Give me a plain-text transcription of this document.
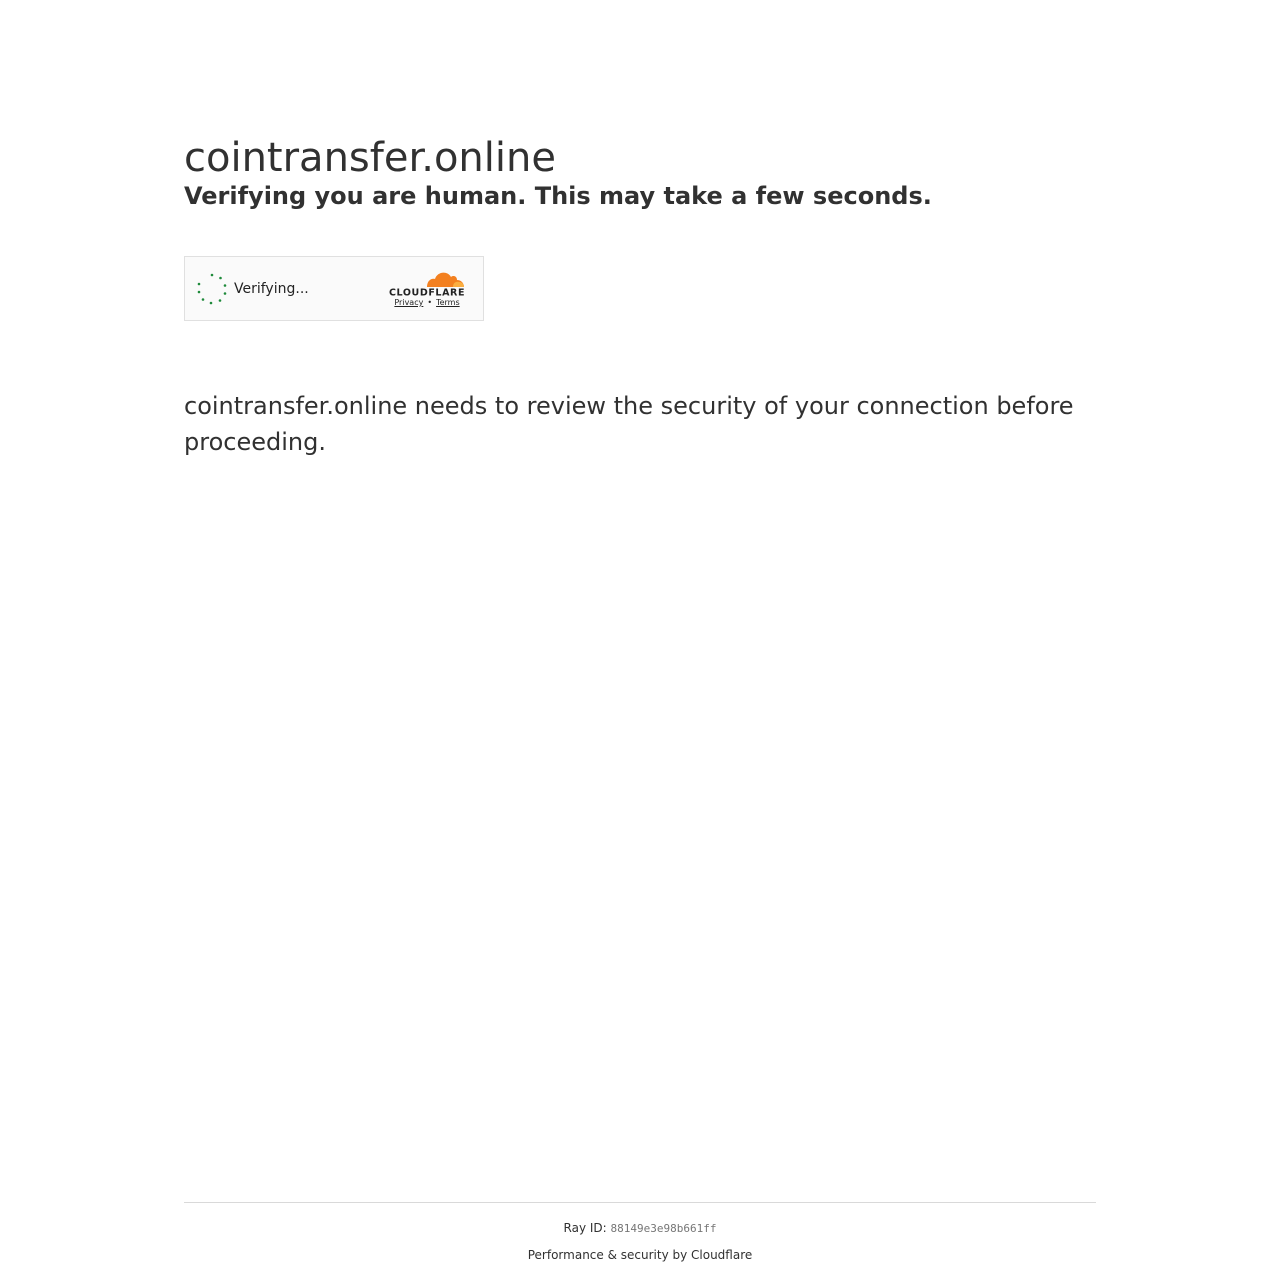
cointransfer.online
Verifying you are human. This may take a few seconds.
Verifying...	CLOUDFLARE
Privacy • Terms

cointransfer.online needs to review the security of your connection before proceeding.

Ray ID: 88149e3e98b661ff
Performance & security by Cloudflare
